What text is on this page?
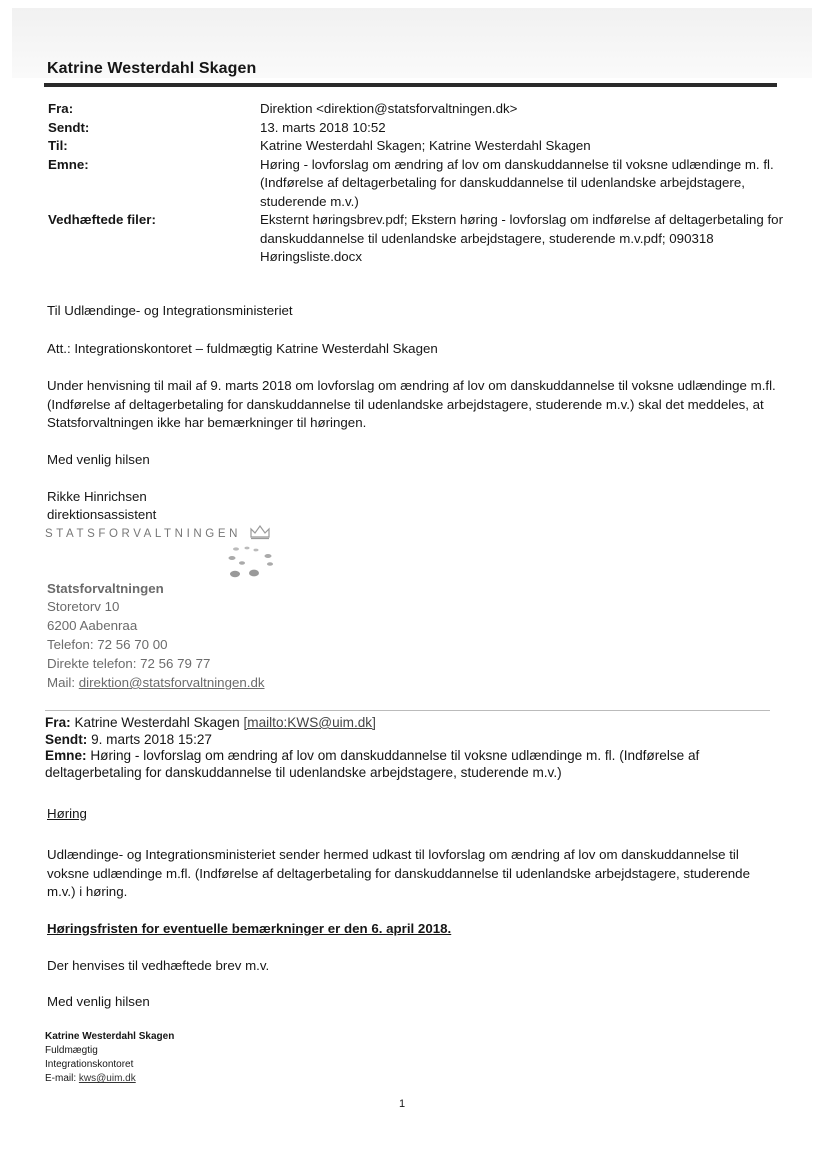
Katrine Westerdahl Skagen
Fra:	Direktion <direktion@statsforvaltningen.dk>
Sendt:	13. marts 2018 10:52
Til:	Katrine Westerdahl Skagen; Katrine Westerdahl Skagen
Emne:	Høring - lovforslag om ændring af lov om danskuddannelse til voksne udlændinge m. fl. (Indførelse af deltagerbetaling for danskuddannelse til udenlandske arbejdstagere, studerende m.v.)
Vedhæftede filer:	Eksternt høringsbrev.pdf; Ekstern høring - lovforslag om indførelse af deltagerbetaling for danskuddannelse til udenlandske arbejdstagere, studerende m.v.pdf; 090318 Høringsliste.docx
Til Udlændinge- og Integrationsministeriet
Att.: Integrationskontoret – fuldmægtig Katrine Westerdahl Skagen
Under henvisning til mail af 9. marts 2018 om lovforslag om ændring af lov om danskuddannelse til voksne udlændinge m.fl. (Indførelse af deltagerbetaling for danskuddannelse til udenlandske arbejdstagere, studerende m.v.) skal det meddeles, at Statsforvaltningen ikke har bemærkninger til høringen.
Med venlig hilsen
Rikke Hinrichsen
direktionsassistent
STATSFORVALTNINGEN
Statsforvaltningen
Storetorv 10
6200 Aabenraa
Telefon: 72 56 70 00
Direkte telefon: 72 56 79 77
Mail: direktion@statsforvaltningen.dk
Fra: Katrine Westerdahl Skagen [mailto:KWS@uim.dk]
Sendt: 9. marts 2018 15:27
Emne: Høring - lovforslag om ændring af lov om danskuddannelse til voksne udlændinge m. fl. (Indførelse af deltagerbetaling for danskuddannelse til udenlandske arbejdstagere, studerende m.v.)
Høring
Udlændinge- og Integrationsministeriet sender hermed udkast til lovforslag om ændring af lov om danskuddannelse til voksne udlændinge m.fl. (Indførelse af deltagerbetaling for danskuddannelse til udenlandske arbejdstagere, studerende m.v.) i høring.
Høringsfristen for eventuelle bemærkninger er den 6. april 2018.
Der henvises til vedhæftede brev m.v.
Med venlig hilsen
Katrine Westerdahl Skagen
Fuldmægtig
Integrationskontoret
E-mail: kws@uim.dk
1
